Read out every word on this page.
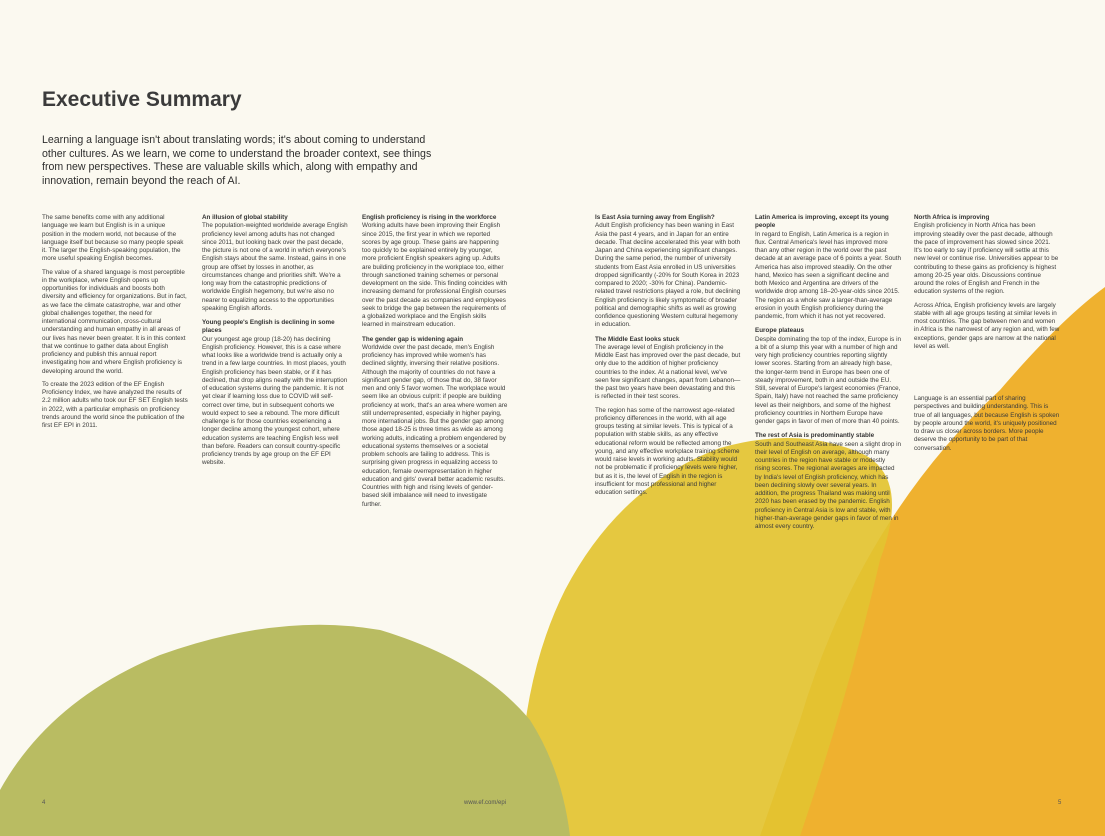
Executive Summary

Learning a language isn't about translating words; it's about coming to understand other cultures. As we learn, we come to understand the broader context, see things from new perspectives. These are valuable skills which, along with empathy and innovation, remain beyond the reach of AI.

The same benefits come with any additional language we learn but English is in a unique position in the modern world, not because of the language itself but because so many people speak it. The larger the English-speaking population, the more useful speaking English becomes.

The value of a shared language is most perceptible in the workplace, where English opens up opportunities for individuals and boosts both diversity and efficiency for organizations. But in fact, as we face the climate catastrophe, war and other global challenges together, the need for international communication, cross-cultural understanding and human empathy in all areas of our lives has never been greater. It is in this context that we continue to gather data about English proficiency and publish this annual report investigating how and where English proficiency is developing around the world.

To create the 2023 edition of the EF English Proficiency Index, we have analyzed the results of 2.2 million adults who took our EF SET English tests in 2022, with a particular emphasis on proficiency trends around the world since the publication of the first EF EPI in 2011.

An illusion of global stability

The population-weighted worldwide average English proficiency level among adults has not changed since 2011, but looking back over the past decade, the picture is not one of a world in which everyone's English stays about the same. Instead, gains in one group are offset by losses in another, as circumstances change and priorities shift. We're a long way from the catastrophic predictions of worldwide English hegemony, but we're also no nearer to equalizing access to the opportunities speaking English affords.

Young people's English is declining in some places

Our youngest age group (18-20) has declining English proficiency. However, this is a case where what looks like a worldwide trend is actually only a trend in a few large countries. In most places, youth English proficiency has been stable, or if it has declined, that drop aligns neatly with the interruption of education systems during the pandemic. It is not yet clear if learning loss due to COVID will self-correct over time, but in subsequent cohorts we would expect to see a rebound. The more difficult challenge is for those countries experiencing a longer decline among the youngest cohort, where education systems are teaching English less well than before. Readers can consult country-specific proficiency trends by age group on the EF EPI website.

English proficiency is rising in the workforce

Working adults have been improving their English since 2015, the first year in which we reported scores by age group. These gains are happening too quickly to be explained entirely by younger, more proficient English speakers aging up. Adults are building proficiency in the workplace too, either through sanctioned training schemes or personal development on the side. This finding coincides with increasing demand for professional English courses over the past decade as companies and employees seek to bridge the gap between the requirements of a globalized workplace and the English skills learned in mainstream education.

The gender gap is widening again

Worldwide over the past decade, men's English proficiency has improved while women's has declined slightly, inversing their relative positions. Although the majority of countries do not have a significant gender gap, of those that do, 38 favor men and only 5 favor women. The workplace would seem like an obvious culprit: if people are building proficiency at work, that's an area where women are still underrepresented, especially in higher paying, more international jobs. But the gender gap among those aged 18-25 is three times as wide as among working adults, indicating a problem engendered by educational systems themselves or a societal problem schools are failing to address. This is surprising given progress in equalizing access to education, female overrepresentation in higher education and girls' overall better academic results. Countries with high and rising levels of gender-based skill imbalance will need to investigate further.

Is East Asia turning away from English?

Adult English proficiency has been waning in East Asia the past 4 years, and in Japan for an entire decade. That decline accelerated this year with both Japan and China experiencing significant changes. During the same period, the number of university students from East Asia enrolled in US universities dropped significantly (-20% for South Korea in 2023 compared to 2020; -30% for China). Pandemic-related travel restrictions played a role, but declining English proficiency is likely symptomatic of broader political and demographic shifts as well as growing confidence questioning Western cultural hegemony in education.

The Middle East looks stuck

The average level of English proficiency in the Middle East has improved over the past decade, but only due to the addition of higher proficiency countries to the index. At a national level, we've seen few significant changes, apart from Lebanon—the past two years have been devastating and this is reflected in their test scores.

The region has some of the narrowest age-related proficiency differences in the world, with all age groups testing at similar levels. This is typical of a population with stable skills, as any effective educational reform would be reflected among the young, and any effective workplace training scheme would raise levels in working adults. Stability would not be problematic if proficiency levels were higher, but as it is, the level of English in the region is insufficient for most professional and higher education settings.

Latin America is improving, except its young people

In regard to English, Latin America is a region in flux. Central America's level has improved more than any other region in the world over the past decade at an average pace of 6 points a year. South America has also improved steadily. On the other hand, Mexico has seen a significant decline and both Mexico and Argentina are drivers of the worldwide drop among 18–20-year-olds since 2015. The region as a whole saw a larger-than-average erosion in youth English proficiency during the pandemic, from which it has not yet recovered.

Europe plateaus

Despite dominating the top of the index, Europe is in a bit of a slump this year with a number of high and very high proficiency countries reporting slightly lower scores. Starting from an already high base, the longer-term trend in Europe has been one of steady improvement, both in and outside the EU. Still, several of Europe's largest economies (France, Spain, Italy) have not reached the same proficiency level as their neighbors, and some of the highest proficiency countries in Northern Europe have gender gaps in favor of men of more than 40 points.

The rest of Asia is predominantly stable

South and Southeast Asia have seen a slight drop in their level of English on average, although many countries in the region have stable or modestly rising scores. The regional averages are impacted by India's level of English proficiency, which has been declining slowly over several years. In addition, the progress Thailand was making until 2020 has been erased by the pandemic. English proficiency in Central Asia is low and stable, with higher-than-average gender gaps in favor of men in almost every country.

North Africa is improving

English proficiency in North Africa has been improving steadily over the past decade, although the pace of improvement has slowed since 2021. It's too early to say if proficiency will settle at this new level or continue rise. Universities appear to be contributing to these gains as proficiency is highest among 20-25 year olds. Discussions continue around the roles of English and French in the education systems of the region.

Across Africa, English proficiency levels are largely stable with all age groups testing at similar levels in most countries. The gap between men and women in Africa is the narrowest of any region and, with few exceptions, gender gaps are narrow at the national level as well.

Language is an essential part of sharing perspectives and building understanding. This is true of all languages, but because English is spoken by people around the world, it's uniquely positioned to draw us closer across borders. More people deserve the opportunity to be part of that conversation.

4	www.ef.com/epi	5
